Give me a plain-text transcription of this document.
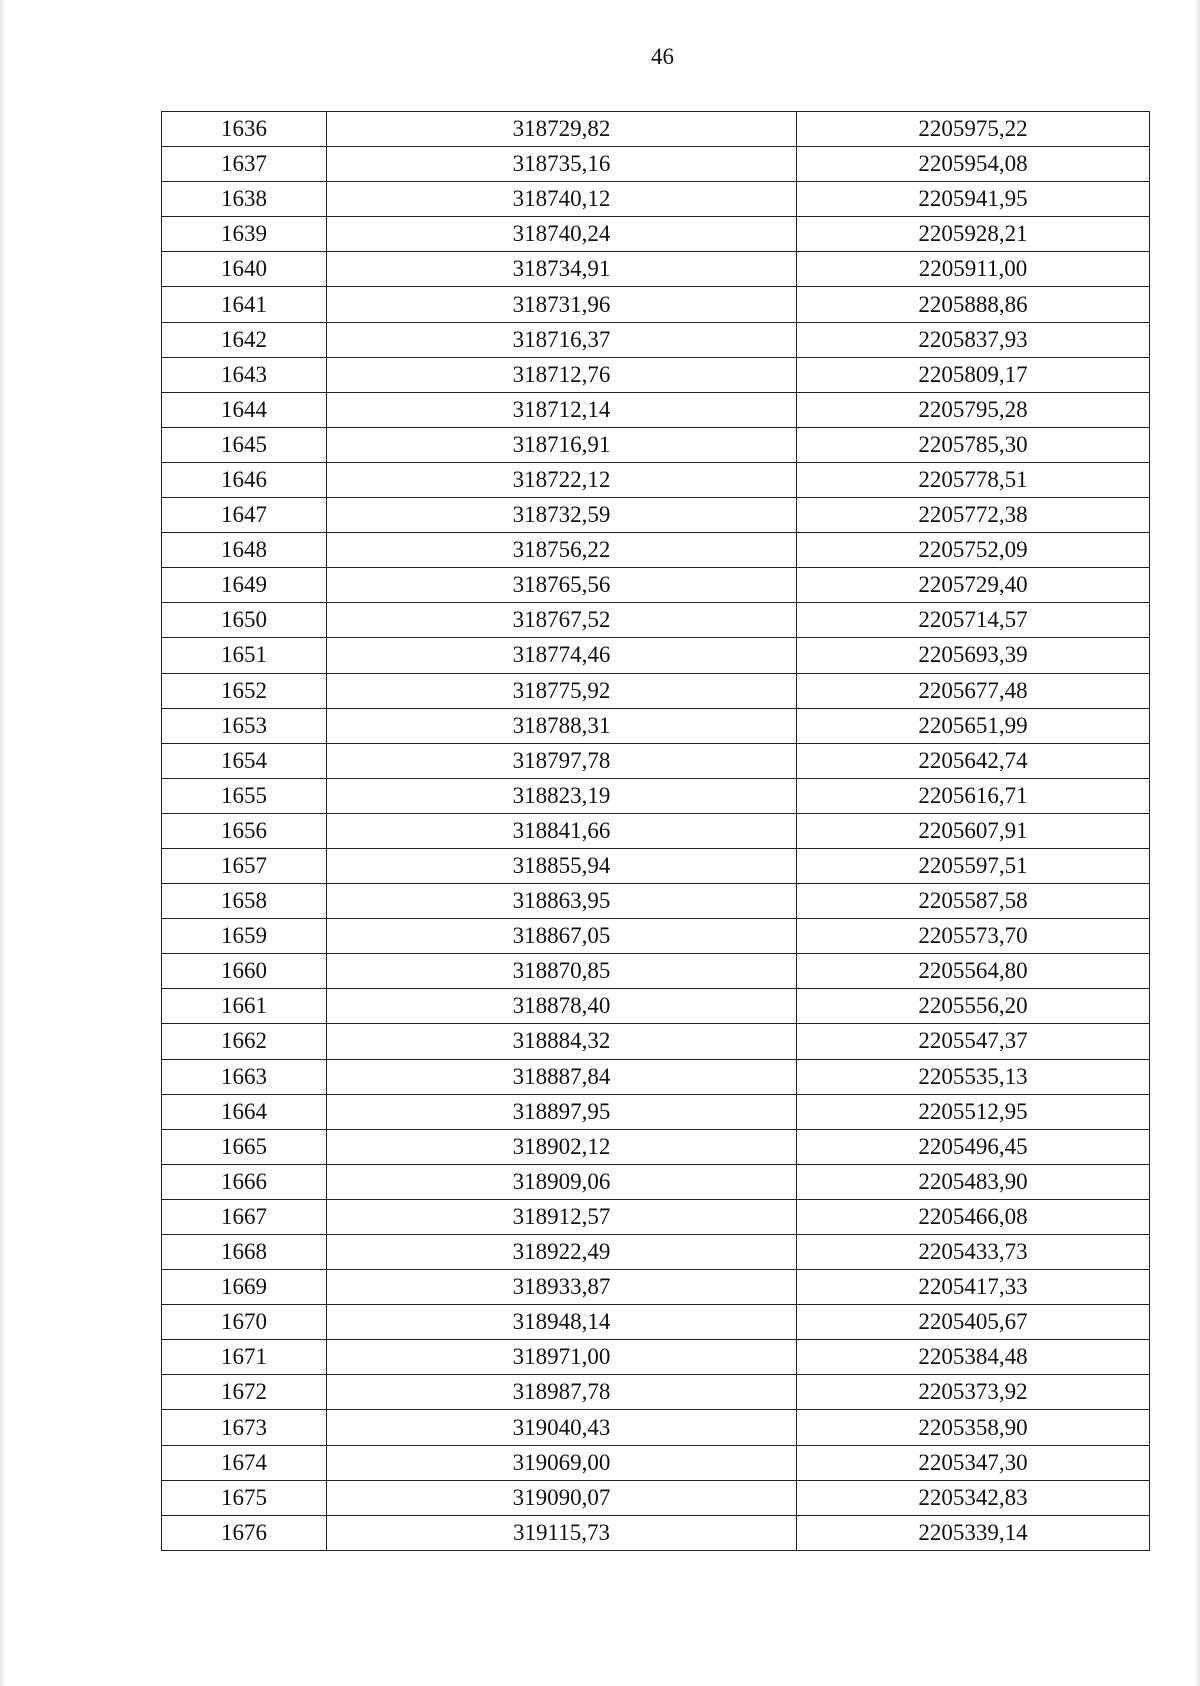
46
1636	318729,82	2205975,22
1637	318735,16	2205954,08
1638	318740,12	2205941,95
1639	318740,24	2205928,21
1640	318734,91	2205911,00
1641	318731,96	2205888,86
1642	318716,37	2205837,93
1643	318712,76	2205809,17
1644	318712,14	2205795,28
1645	318716,91	2205785,30
1646	318722,12	2205778,51
1647	318732,59	2205772,38
1648	318756,22	2205752,09
1649	318765,56	2205729,40
1650	318767,52	2205714,57
1651	318774,46	2205693,39
1652	318775,92	2205677,48
1653	318788,31	2205651,99
1654	318797,78	2205642,74
1655	318823,19	2205616,71
1656	318841,66	2205607,91
1657	318855,94	2205597,51
1658	318863,95	2205587,58
1659	318867,05	2205573,70
1660	318870,85	2205564,80
1661	318878,40	2205556,20
1662	318884,32	2205547,37
1663	318887,84	2205535,13
1664	318897,95	2205512,95
1665	318902,12	2205496,45
1666	318909,06	2205483,90
1667	318912,57	2205466,08
1668	318922,49	2205433,73
1669	318933,87	2205417,33
1670	318948,14	2205405,67
1671	318971,00	2205384,48
1672	318987,78	2205373,92
1673	319040,43	2205358,90
1674	319069,00	2205347,30
1675	319090,07	2205342,83
1676	319115,73	2205339,14
